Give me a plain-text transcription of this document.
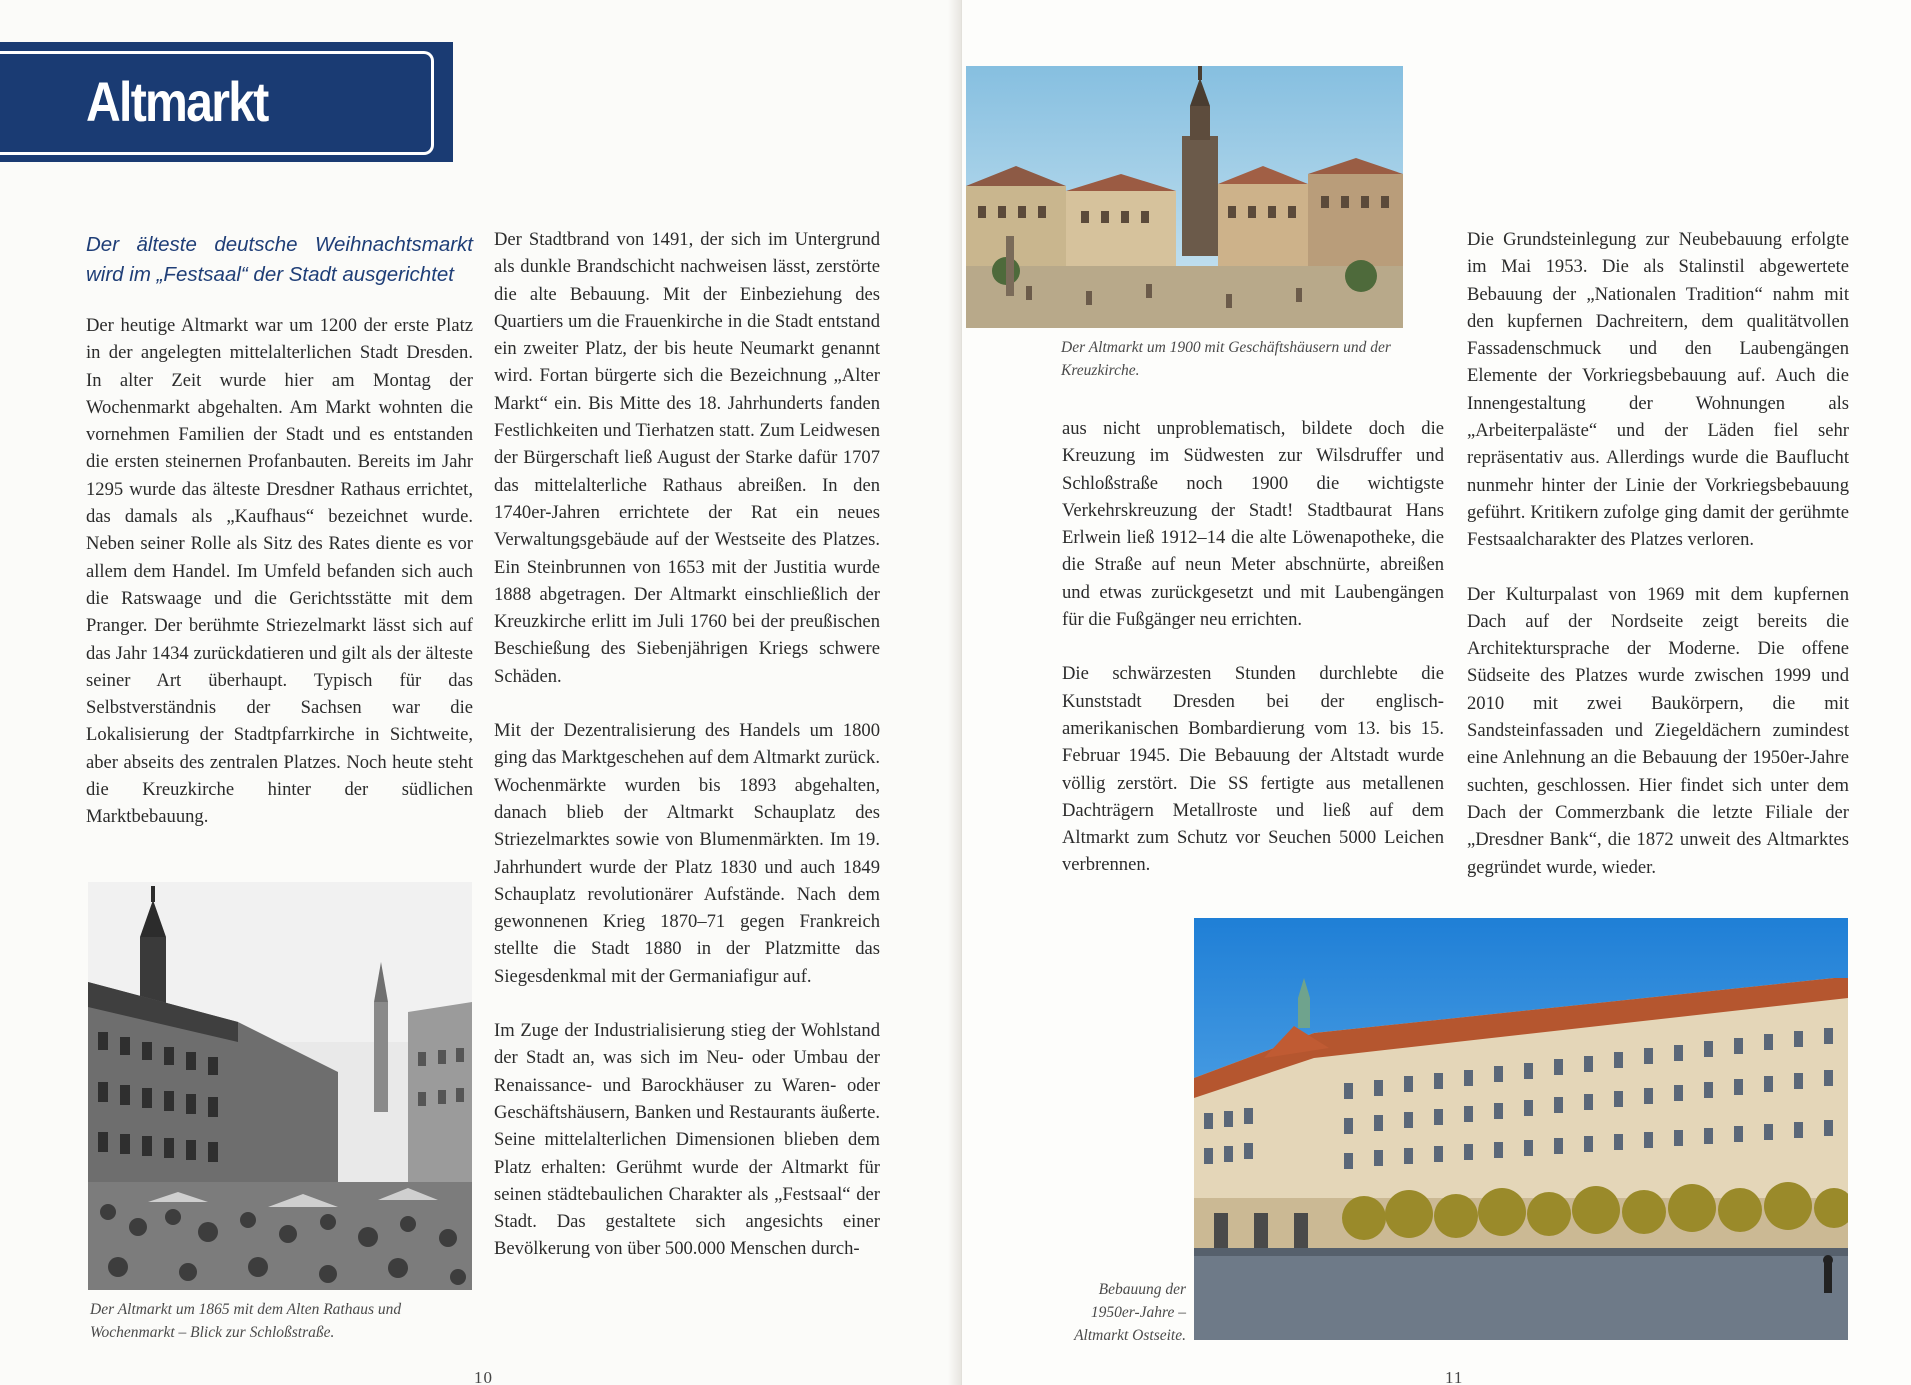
Altmarkt
Der älteste deutsche Weihnachtsmarkt wird im „Festsaal“ der Stadt ausgerichtet

Der heutige Altmarkt war um 1200 der erste Platz in der angelegten mittelalterlichen Stadt Dresden. In alter Zeit wurde hier am Montag der Wochenmarkt abgehalten. Am Markt wohnten die vornehmen Familien der Stadt und es entstanden die ersten steinernen Profanbauten. Bereits im Jahr 1295 wurde das älteste Dresdner Rathaus errichtet, das damals als „Kaufhaus“ bezeichnet wurde. Neben seiner Rolle als Sitz des Rates diente es vor allem dem Handel. Im Umfeld befanden sich auch die Ratswaage und die Gerichtsstätte mit dem Pranger. Der berühmte Striezelmarkt lässt sich auf das Jahr 1434 zurückdatieren und gilt als der älteste seiner Art überhaupt. Typisch für das Selbstverständnis der Sachsen war die Lokalisierung der Stadtpfarrkirche in Sichtweite, aber abseits des zentralen Platzes. Noch heute steht die Kreuzkirche hinter der südlichen Marktbebauung.

Der Altmarkt um 1865 mit dem Alten Rathaus und Wochenmarkt – Blick zur Schloßstraße.

Der Stadtbrand von 1491, der sich im Untergrund als dunkle Brandschicht nachweisen lässt, zerstörte die alte Bebauung. Mit der Einbeziehung des Quartiers um die Frauenkirche in die Stadt entstand ein zweiter Platz, der bis heute Neumarkt genannt wird. Fortan bürgerte sich die Bezeichnung „Alter Markt“ ein. Bis Mitte des 18. Jahrhunderts fanden Festlichkeiten und Tierhatzen statt. Zum Leidwesen der Bürgerschaft ließ August der Starke dafür 1707 das mittelalterliche Rathaus abreißen. In den 1740er-Jahren errichtete der Rat ein neues Verwaltungsgebäude auf der Westseite des Platzes. Ein Steinbrunnen von 1653 mit der Justitia wurde 1888 abgetragen. Der Altmarkt einschließlich der Kreuzkirche erlitt im Juli 1760 bei der preußischen Beschießung des Siebenjährigen Kriegs schwere Schäden.

Mit der Dezentralisierung des Handels um 1800 ging das Marktgeschehen auf dem Altmarkt zurück. Wochenmärkte wurden bis 1893 abgehalten, danach blieb der Altmarkt Schauplatz des Striezelmarktes sowie von Blumenmärkten. Im 19. Jahrhundert wurde der Platz 1830 und auch 1849 Schauplatz revolutionärer Aufstände. Nach dem gewonnenen Krieg 1870–71 gegen Frankreich stellte die Stadt 1880 in der Platzmitte das Siegesdenkmal mit der Germaniafigur auf.

Im Zuge der Industrialisierung stieg der Wohlstand der Stadt an, was sich im Neu- oder Umbau der Renaissance- und Barockhäuser zu Waren- oder Geschäftshäusern, Banken und Restaurants äußerte. Seine mittelalterlichen Dimensionen blieben dem Platz erhalten: Gerühmt wurde der Altmarkt für seinen städtebaulichen Charakter als „Festsaal“ der Stadt. Das gestaltete sich angesichts einer Bevölkerung von über 500.000 Menschen durch-

10
Der Altmarkt um 1900 mit Geschäftshäusern und der Kreuzkirche.

aus nicht unproblematisch, bildete doch die Kreuzung im Südwesten zur Wilsdruffer und Schloßstraße noch 1900 die wichtigste Verkehrskreuzung der Stadt! Stadtbaurat Hans Erlwein ließ 1912–14 die alte Löwenapotheke, die die Straße auf neun Meter abschnürte, abreißen und etwas zurückgesetzt und mit Laubengängen für die Fußgänger neu errichten.

Die schwärzesten Stunden durchlebte die Kunststadt Dresden bei der englisch-amerikanischen Bombardierung vom 13. bis 15. Februar 1945. Die Bebauung der Altstadt wurde völlig zerstört. Die SS fertigte aus metallenen Dachträgern Metallroste und ließ auf dem Altmarkt zum Schutz vor Seuchen 5000 Leichen verbrennen.

Die Grundsteinlegung zur Neubebauung erfolgte im Mai 1953. Die als Stalinstil abgewertete Bebauung der „Nationalen Tradition“ nahm mit den kupfernen Dachreitern, dem qualitätvollen Fassadenschmuck und den Laubengängen Elemente der Vorkriegsbebauung auf. Auch die Innengestaltung der Wohnungen als „Arbeiterpaläste“ und der Läden fiel sehr repräsentativ aus. Allerdings wurde die Bauflucht nunmehr hinter der Linie der Vorkriegsbebauung geführt. Kritikern zufolge ging damit der gerühmte Festsaalcharakter des Platzes verloren.

Der Kulturpalast von 1969 mit dem kupfernen Dach auf der Nordseite zeigt bereits die Architektursprache der Moderne. Die offene Südseite des Platzes wurde zwischen 1999 und 2010 mit zwei Baukörpern, die mit Sandsteinfassaden und Ziegeldächern zumindest eine Anlehnung an die Bebauung der 1950er-Jahre suchten, geschlossen. Hier findet sich unter dem Dach der Commerzbank die letzte Filiale der „Dresdner Bank“, die 1872 unweit des Altmarktes gegründet wurde, wieder.

Bebauung der 1950er-Jahre – Altmarkt Ostseite.
11
